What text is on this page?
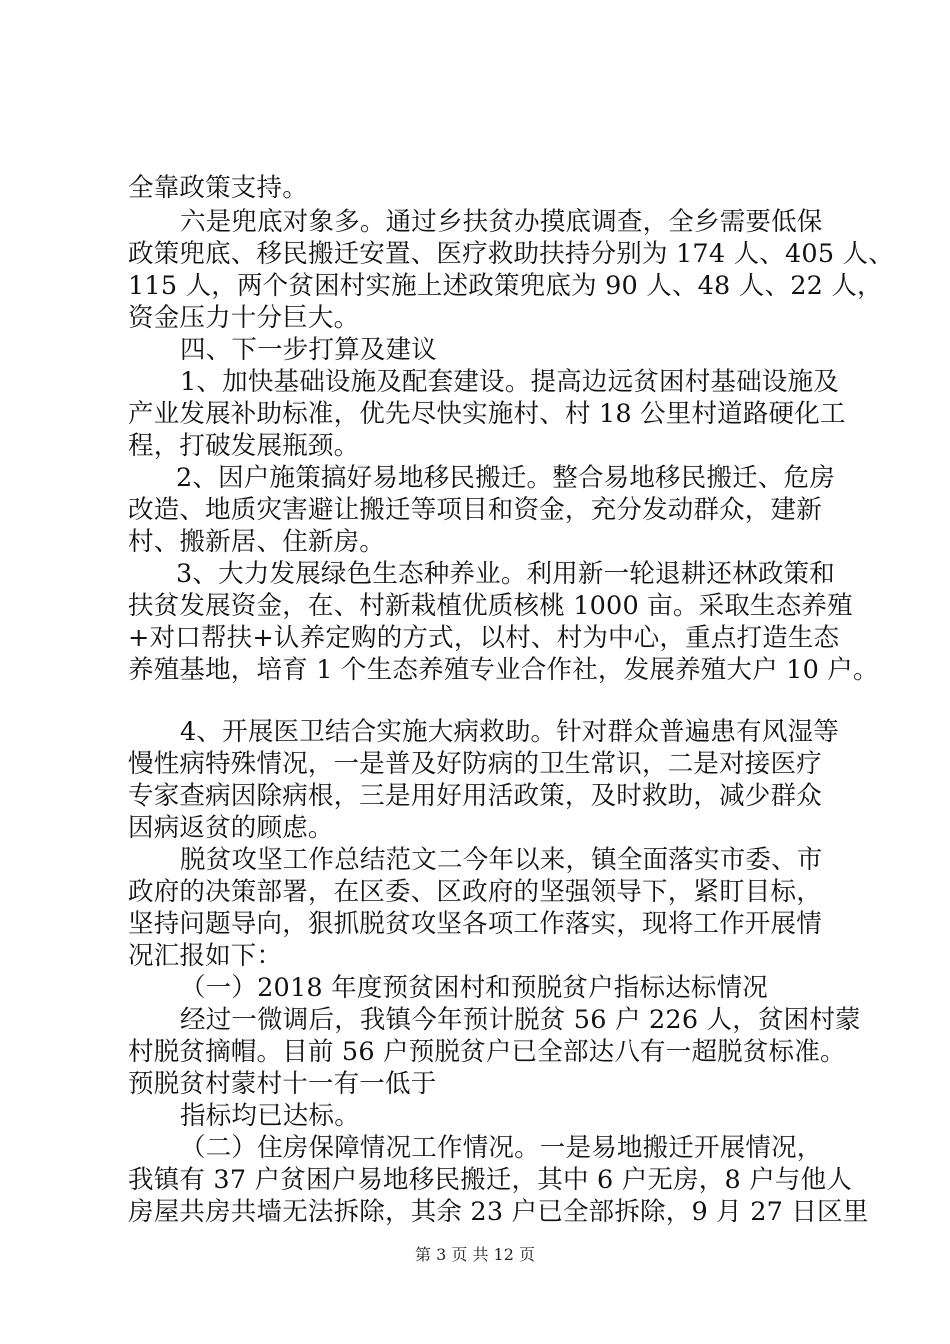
全靠政策支持。
六是兜底对象多。通过乡扶贫办摸底调查，全乡需要低保
政策兜底、移民搬迁安置、医疗救助扶持分别为 174 人、405 人、
115 人，两个贫困村实施上述政策兜底为 90 人、48 人、22 人，
资金压力十分巨大。
四、下一步打算及建议
1、加快基础设施及配套建设。提高边远贫困村基础设施及
产业发展补助标准，优先尽快实施村、村 18 公里村道路硬化工
程，打破发展瓶颈。
2、因户施策搞好易地移民搬迁。整合易地移民搬迁、危房
改造、地质灾害避让搬迁等项目和资金，充分发动群众，建新
村、搬新居、住新房。
3、大力发展绿色生态种养业。利用新一轮退耕还林政策和
扶贫发展资金，在、村新栽植优质核桃 1000 亩。采取生态养殖
+对口帮扶+认养定购的方式，以村、村为中心，重点打造生态
养殖基地，培育 1 个生态养殖专业合作社，发展养殖大户 10 户。
4、开展医卫结合实施大病救助。针对群众普遍患有风湿等
慢性病特殊情况，一是普及好防病的卫生常识，二是对接医疗
专家查病因除病根，三是用好用活政策，及时救助，减少群众
因病返贫的顾虑。
脱贫攻坚工作总结范文二今年以来，镇全面落实市委、市
政府的决策部署，在区委、区政府的坚强领导下，紧盯目标，
坚持问题导向，狠抓脱贫攻坚各项工作落实，现将工作开展情
况汇报如下：
（一）2018 年度预贫困村和预脱贫户指标达标情况
经过一微调后，我镇今年预计脱贫 56 户 226 人，贫困村蒙
村脱贫摘帽。目前 56 户预脱贫户已全部达八有一超脱贫标准。
预脱贫村蒙村十一有一低于
指标均已达标。
（二）住房保障情况工作情况。一是易地搬迁开展情况，
我镇有 37 户贫困户易地移民搬迁，其中 6 户无房，8 户与他人
房屋共房共墙无法拆除，其余 23 户已全部拆除，9 月 27 日区里
第 3 页 共 12 页
